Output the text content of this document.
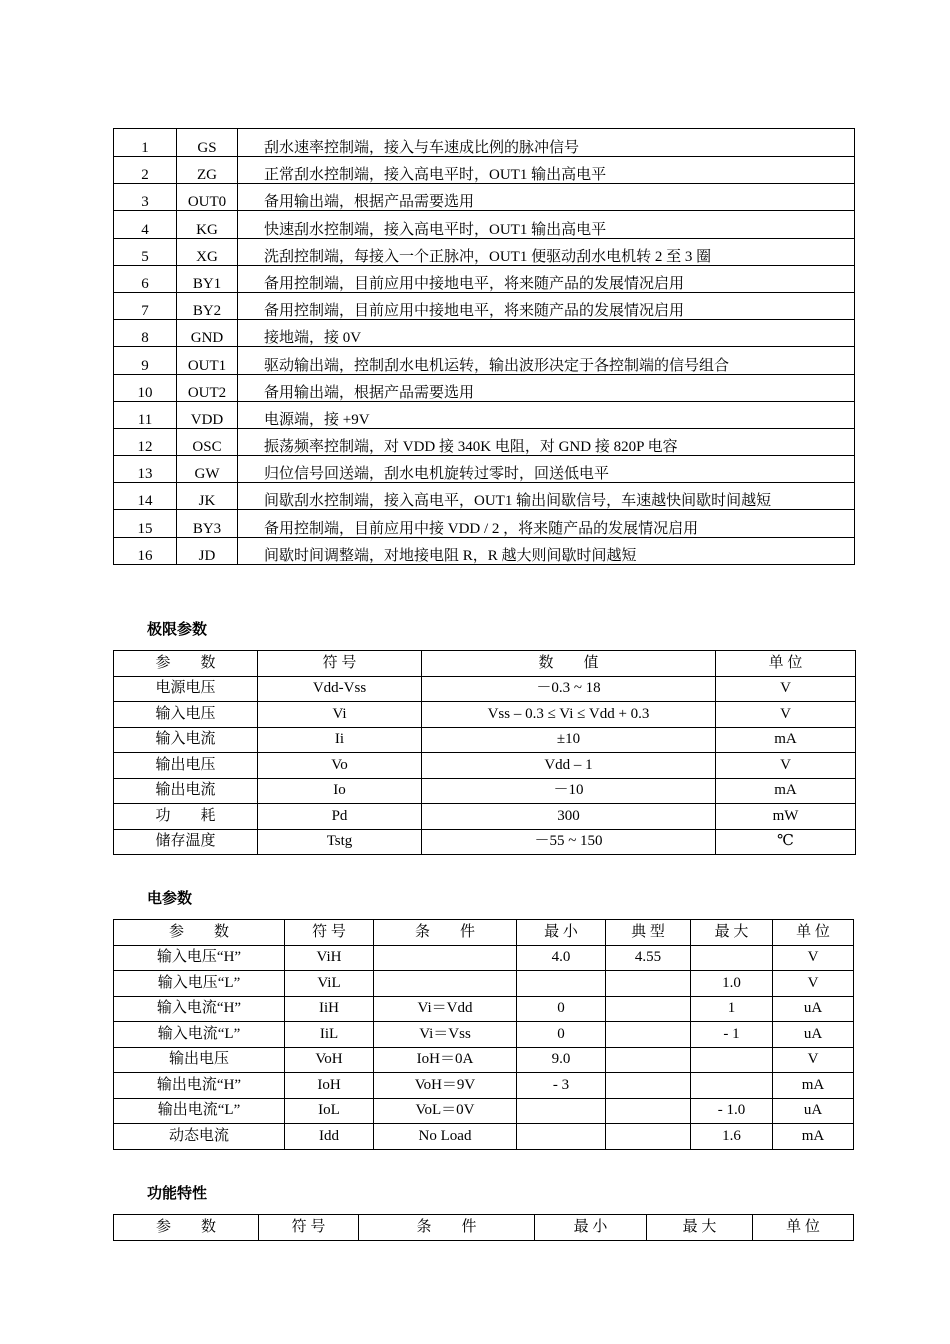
1	GS	刮水速率控制端，接入与车速成比例的脉冲信号
2	ZG	正常刮水控制端，接入高电平时，OUT1 输出高电平
3	OUT0	备用输出端，根据产品需要选用
4	KG	快速刮水控制端，接入高电平时，OUT1 输出高电平
5	XG	洗刮控制端，每接入一个正脉冲，OUT1 便驱动刮水电机转 2 至 3 圈
6	BY1	备用控制端，目前应用中接地电平，将来随产品的发展情况启用
7	BY2	备用控制端，目前应用中接地电平，将来随产品的发展情况启用
8	GND	接地端，接 0V
9	OUT1	驱动输出端，控制刮水电机运转，输出波形决定于各控制端的信号组合
10	OUT2	备用输出端，根据产品需要选用
11	VDD	电源端，接 +9V
12	OSC	振荡频率控制端，对 VDD 接 340K 电阻，对 GND 接 820P 电容
13	GW	归位信号回送端，刮水电机旋转过零时，回送低电平
14	JK	间歇刮水控制端，接入高电平，OUT1 输出间歇信号，车速越快间歇时间越短
15	BY3	备用控制端，目前应用中接 VDD / 2 ，将来随产品的发展情况启用
16	JD	间歇时间调整端，对地接电阻 R，R 越大则间歇时间越短
极限参数
参　　数	符 号	数　　值	单 位
电源电压	Vdd-Vss	－0.3 ~ 18	V
输入电压	Vi	Vss – 0.3 ≤ Vi ≤ Vdd + 0.3	V
输入电流	Ii	±10	mA
输出电压	Vo	Vdd – 1	V
输出电流	Io	－10	mA
功　　耗	Pd	300	mW
储存温度	Tstg	－55 ~ 150	℃
电参数
参　　数	符 号	条　　件	最 小	典 型	最 大	单 位
输入电压“H”	ViH		4.0	4.55		V
输入电压“L”	ViL				1.0	V
输入电流“H”	IiH	Vi＝Vdd	0		1	uA
输入电流“L”	IiL	Vi＝Vss	0		- 1	uA
输出电压	VoH	IoH＝0A	9.0			V
输出电流“H”	IoH	VoH＝9V	- 3			mA
输出电流“L”	IoL	VoL＝0V			- 1.0	uA
动态电流	Idd	No Load			1.6	mA
功能特性
参　　数	符 号	条　　件	最 小	最 大	单 位
